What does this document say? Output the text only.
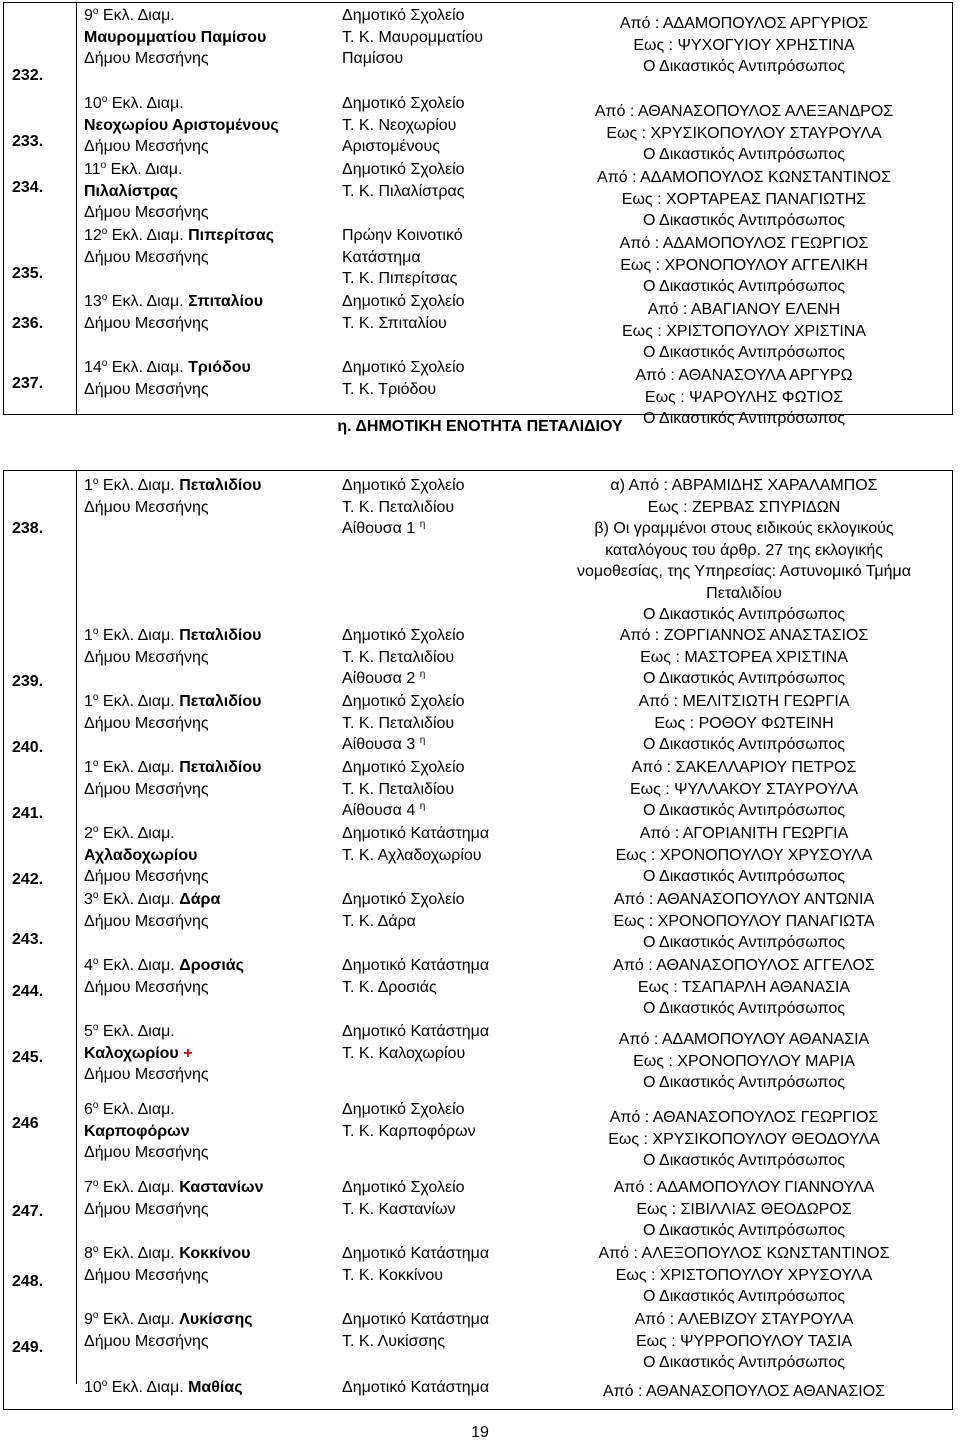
232.
$9^o$ Εκλ. Διαμ.
Μαυρομματίου Παμίσου
Δήμου Μεσσήνης
Δημοτικό Σχολείο
Τ. Κ. Μαυρομματίου
Παμίσου
Από : ΑΔΑΜΟΠΟΥΛΟΣ ΑΡΓΥΡΙΟΣ
Εως : ΨΥΧΟΓΥΙΟΥ ΧΡΗΣΤΙΝΑ
Ο Δικαστικός Αντιπρόσωπος
233.
$10^o$ Εκλ. Διαμ.
Νεοχωρίου Αριστομένους
Δήμου Μεσσήνης
Δημοτικό Σχολείο
Τ. Κ. Νεοχωρίου
Αριστομένους
Από : ΑΘΑΝΑΣΟΠΟΥΛΟΣ ΑΛΕΞΑΝΔΡΟΣ
Εως : ΧΡΥΣΙΚΟΠΟΥΛΟΥ ΣΤΑΥΡΟΥΛΑ
Ο Δικαστικός Αντιπρόσωπος
234.
$11^o$ Εκλ. Διαμ.
Πιλαλίστρας
Δήμου Μεσσήνης
Δημοτικό Σχολείο
Τ. Κ. Πιλαλίστρας
Από : ΑΔΑΜΟΠΟΥΛΟΣ ΚΩΝΣΤΑΝΤΙΝΟΣ
Εως : ΧΟΡΤΑΡΕΑΣ ΠΑΝΑΓΙΩΤΗΣ
Ο Δικαστικός Αντιπρόσωπος
235.
$12^o$ Εκλ. Διαμ. Πιπερίτσας
Δήμου Μεσσήνης
Πρώην Κοινοτικό
Κατάστημα
Τ. Κ. Πιπερίτσας
Από : ΑΔΑΜΟΠΟΥΛΟΣ ΓΕΩΡΓΙΟΣ
Εως : ΧΡΟΝΟΠΟΥΛΟΥ ΑΓΓΕΛΙΚΗ
Ο Δικαστικός Αντιπρόσωπος
236.
$13^o$ Εκλ. Διαμ. Σπιταλίου
Δήμου Μεσσήνης
Δημοτικό Σχολείο
Τ. Κ. Σπιταλίου
Από : ΑΒΑΓΙΑΝΟΥ ΕΛΕΝΗ
Εως : ΧΡΙΣΤΟΠΟΥΛΟΥ ΧΡΙΣΤΙΝΑ
Ο Δικαστικός Αντιπρόσωπος
237.
$14^o$ Εκλ. Διαμ. Τριόδου
Δήμου Μεσσήνης
Δημοτικό Σχολείο
Τ. Κ. Τριόδου
Από : ΑΘΑΝΑΣΟΥΛΑ ΑΡΓΥΡΩ
Εως : ΨΑΡΟΥΛΗΣ ΦΩΤΙΟΣ
Ο Δικαστικός Αντιπρόσωπος
η. ΔΗΜΟΤΙΚΗ ΕΝΟΤΗΤΑ ΠΕΤΑΛΙΔΙΟΥ
238.
$1^o$ Εκλ. Διαμ. Πεταλιδίου
Δήμου Μεσσήνης
Δημοτικό Σχολείο
Τ. Κ. Πεταλιδίου
Αίθουσα 1 $^\eta$
α) Από : ΑΒΡΑΜΙΔΗΣ ΧΑΡΑΛΑΜΠΟΣ
Εως : ΖΕΡΒΑΣ ΣΠΥΡΙΔΩΝ
β) Οι γραμμένοι στους ειδικούς εκλογικούς
καταλόγους του άρθρ. 27 της εκλογικής
νομοθεσίας, της Υπηρεσίας: Αστυνομικό Τμήμα
Πεταλιδίου
Ο Δικαστικός Αντιπρόσωπος
239.
$1^o$ Εκλ. Διαμ. Πεταλιδίου
Δήμου Μεσσήνης
Δημοτικό Σχολείο
Τ. Κ. Πεταλιδίου
Αίθουσα 2 $^\eta$
Από : ΖΟΡΓΙΑΝΝΟΣ ΑΝΑΣΤΑΣΙΟΣ
Εως : ΜΑΣΤΟΡΕΑ ΧΡΙΣΤΙΝΑ
Ο Δικαστικός Αντιπρόσωπος
240.
$1^o$ Εκλ. Διαμ. Πεταλιδίου
Δήμου Μεσσήνης
Δημοτικό Σχολείο
Τ. Κ. Πεταλιδίου
Αίθουσα 3 $^\eta$
Από : ΜΕΛΙΤΣΙΩΤΗ ΓΕΩΡΓΙΑ
Εως : ΡΟΘΟΥ ΦΩΤΕΙΝΗ
Ο Δικαστικός Αντιπρόσωπος
241.
$1^o$ Εκλ. Διαμ. Πεταλιδίου
Δήμου Μεσσήνης
Δημοτικό Σχολείο
Τ. Κ. Πεταλιδίου
Αίθουσα 4 $^\eta$
Από : ΣΑΚΕΛΛΑΡΙΟΥ ΠΕΤΡΟΣ
Εως : ΨΥΛΛΑΚΟΥ ΣΤΑΥΡΟΥΛΑ
Ο Δικαστικός Αντιπρόσωπος
242.
$2^o$ Εκλ. Διαμ.
Αχλαδοχωρίου
Δήμου Μεσσήνης
Δημοτικό Κατάστημα
Τ. Κ. Αχλαδοχωρίου
Από : ΑΓΟΡΙΑΝΙΤΗ ΓΕΩΡΓΙΑ
Εως : ΧΡΟΝΟΠΟΥΛΟΥ ΧΡΥΣΟΥΛΑ
Ο Δικαστικός Αντιπρόσωπος
243.
$3^o$ Εκλ. Διαμ. Δάρα
Δήμου Μεσσήνης
Δημοτικό Σχολείο
Τ. Κ. Δάρα
Από : ΑΘΑΝΑΣΟΠΟΥΛΟΥ ΑΝΤΩΝΙΑ
Εως : ΧΡΟΝΟΠΟΥΛΟΥ ΠΑΝΑΓΙΩΤΑ
Ο Δικαστικός Αντιπρόσωπος
244.
$4^o$ Εκλ. Διαμ. Δροσιάς
Δήμου Μεσσήνης
Δημοτικό Κατάστημα
Τ. Κ. Δροσιάς
Από : ΑΘΑΝΑΣΟΠΟΥΛΟΣ ΑΓΓΕΛΟΣ
Εως : ΤΣΑΠΑΡΛΗ ΑΘΑΝΑΣΙΑ
Ο Δικαστικός Αντιπρόσωπος
245.
$5^o$ Εκλ. Διαμ.
Καλοχωρίου +
Δήμου Μεσσήνης
Δημοτικό Κατάστημα
Τ. Κ. Καλοχωρίου
Από : ΑΔΑΜΟΠΟΥΛΟΥ ΑΘΑΝΑΣΙΑ
Εως : ΧΡΟΝΟΠΟΥΛΟΥ ΜΑΡΙΑ
Ο Δικαστικός Αντιπρόσωπος
246
$6^o$ Εκλ. Διαμ.
Καρποφόρων
Δήμου Μεσσήνης
Δημοτικό Σχολείο
Τ. Κ. Καρποφόρων
Από : ΑΘΑΝΑΣΟΠΟΥΛΟΣ ΓΕΩΡΓΙΟΣ
Εως : ΧΡΥΣΙΚΟΠΟΥΛΟΥ ΘΕΟΔΟΥΛΑ
Ο Δικαστικός Αντιπρόσωπος
247.
$7^o$ Εκλ. Διαμ. Καστανίων
Δήμου Μεσσήνης
Δημοτικό Σχολείο
Τ. Κ. Καστανίων
Από : ΑΔΑΜΟΠΟΥΛΟΥ ΓΙΑΝΝΟΥΛΑ
Εως : ΣΙΒΙΛΛΙΑΣ ΘΕΟΔΩΡΟΣ
Ο Δικαστικός Αντιπρόσωπος
248.
$8^o$ Εκλ. Διαμ. Κοκκίνου
Δήμου Μεσσήνης
Δημοτικό Κατάστημα
Τ. Κ. Κοκκίνου
Από : ΑΛΕΞΟΠΟΥΛΟΣ ΚΩΝΣΤΑΝΤΙΝΟΣ
Εως : ΧΡΙΣΤΟΠΟΥΛΟΥ ΧΡΥΣΟΥΛΑ
Ο Δικαστικός Αντιπρόσωπος
249.
$9^o$ Εκλ. Διαμ. Λυκίσσης
Δήμου Μεσσήνης
Δημοτικό Κατάστημα
Τ. Κ. Λυκίσσης
Από : ΑΛΕΒΙΖΟΥ ΣΤΑΥΡΟΥΛΑ
Εως : ΨΥΡΡΟΠΟΥΛΟΥ ΤΑΣΙΑ
Ο Δικαστικός Αντιπρόσωπος
$10^o$ Εκλ. Διαμ. Μαθίας	Δημοτικό Κατάστημα	Από : ΑΘΑΝΑΣΟΠΟΥΛΟΣ ΑΘΑΝΑΣΙΟΣ
19
